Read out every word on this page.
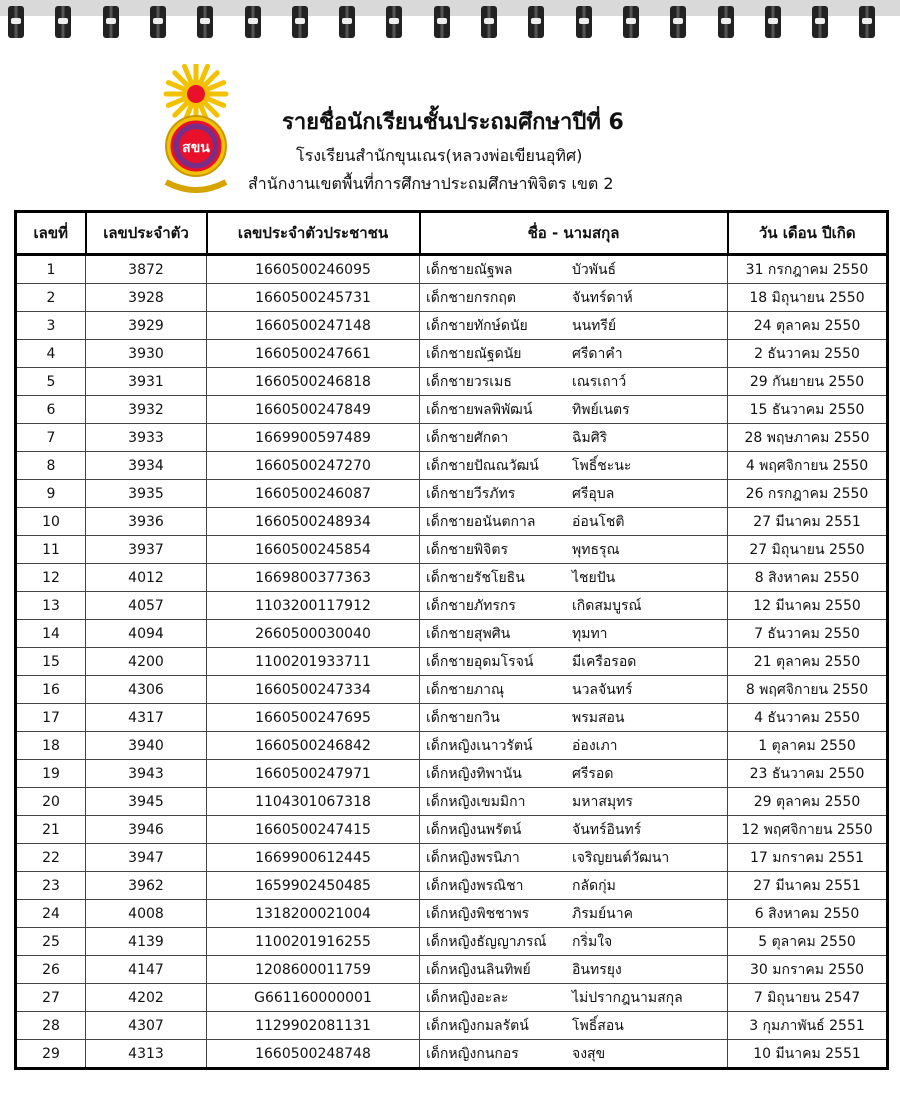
สขน
รายชื่อนักเรียนชั้นประถมศึกษาปีที่ 6
โรงเรียนสำนักขุนเณร(หลวงพ่อเขียนอุทิศ)
สำนักงานเขตพื้นที่การศึกษาประถมศึกษาพิจิตร เขต 2
เลขที่	เลขประจำตัว	เลขประจำตัวประชาชน	ชื่อ - นามสกุล	วัน เดือน ปีเกิด
1	3872	1660500246095	เด็กชายณัฐพล บัวพันธ์	31 กรกฎาคม 2550
2	3928	1660500245731	เด็กชายกรกฤต จันทร์ดาห์	18 มิถุนายน 2550
3	3929	1660500247148	เด็กชายทักษ์ดนัย นนทรีย์	24 ตุลาคม 2550
4	3930	1660500247661	เด็กชายณัฐดนัย ศรีดาคำ	2 ธันวาคม 2550
5	3931	1660500246818	เด็กชายวรเมธ เณรเถาว์	29 กันยายน 2550
6	3932	1660500247849	เด็กชายพลพิพัฒน์ ทิพย์เนตร	15 ธันวาคม 2550
7	3933	1669900597489	เด็กชายศักดา ฉิมศิริ	28 พฤษภาคม 2550
8	3934	1660500247270	เด็กชายปัณณวัฒน์ โพธิ์ชะนะ	4 พฤศจิกายน 2550
9	3935	1660500246087	เด็กชายวีรภัทร ศรีอุบล	26 กรกฎาคม 2550
10	3936	1660500248934	เด็กชายอนันตกาล อ่อนโชติ	27 มีนาคม 2551
11	3937	1660500245854	เด็กชายพิจิตร พุทธรุณ	27 มิถุนายน 2550
12	4012	1669800377363	เด็กชายรัชโยธิน ไชยปัน	8 สิงหาคม 2550
13	4057	1103200117912	เด็กชายภัทรกร เกิดสมบูรณ์	12 มีนาคม 2550
14	4094	2660500030040	เด็กชายสุพศิน ทุมทา	7 ธันวาคม 2550
15	4200	1100201933711	เด็กชายอุดมโรจน์ มีเครือรอด	21 ตุลาคม 2550
16	4306	1660500247334	เด็กชายภาณุ นวลจันทร์	8 พฤศจิกายน 2550
17	4317	1660500247695	เด็กชายกวิน พรมสอน	4 ธันวาคม 2550
18	3940	1660500246842	เด็กหญิงเนาวรัตน์ อ่องเภา	1 ตุลาคม 2550
19	3943	1660500247971	เด็กหญิงทิพานัน ศรีรอด	23 ธันวาคม 2550
20	3945	1104301067318	เด็กหญิงเขมมิกา มหาสมุทร	29 ตุลาคม 2550
21	3946	1660500247415	เด็กหญิงนพรัตน์ จันทร์อินทร์	12 พฤศจิกายน 2550
22	3947	1669900612445	เด็กหญิงพรนิภา เจริญยนต์วัฒนา	17 มกราคม 2551
23	3962	1659902450485	เด็กหญิงพรณิชา กลัดกุ่ม	27 มีนาคม 2551
24	4008	1318200021004	เด็กหญิงพิชชาพร ภิรมย์นาค	6 สิงหาคม 2550
25	4139	1100201916255	เด็กหญิงธัญญาภรณ์ กริ่มใจ	5 ตุลาคม 2550
26	4147	1208600011759	เด็กหญิงนลินทิพย์ อินทรยุง	30 มกราคม 2550
27	4202	G661160000001	เด็กหญิงอะละ ไม่ปรากฎนามสกุล	7 มิถุนายน 2547
28	4307	1129902081131	เด็กหญิงกมลรัตน์ โพธิ์สอน	3 กุมภาพันธ์ 2551
29	4313	1660500248748	เด็กหญิงกนกอร จงสุข	10 มีนาคม 2551
